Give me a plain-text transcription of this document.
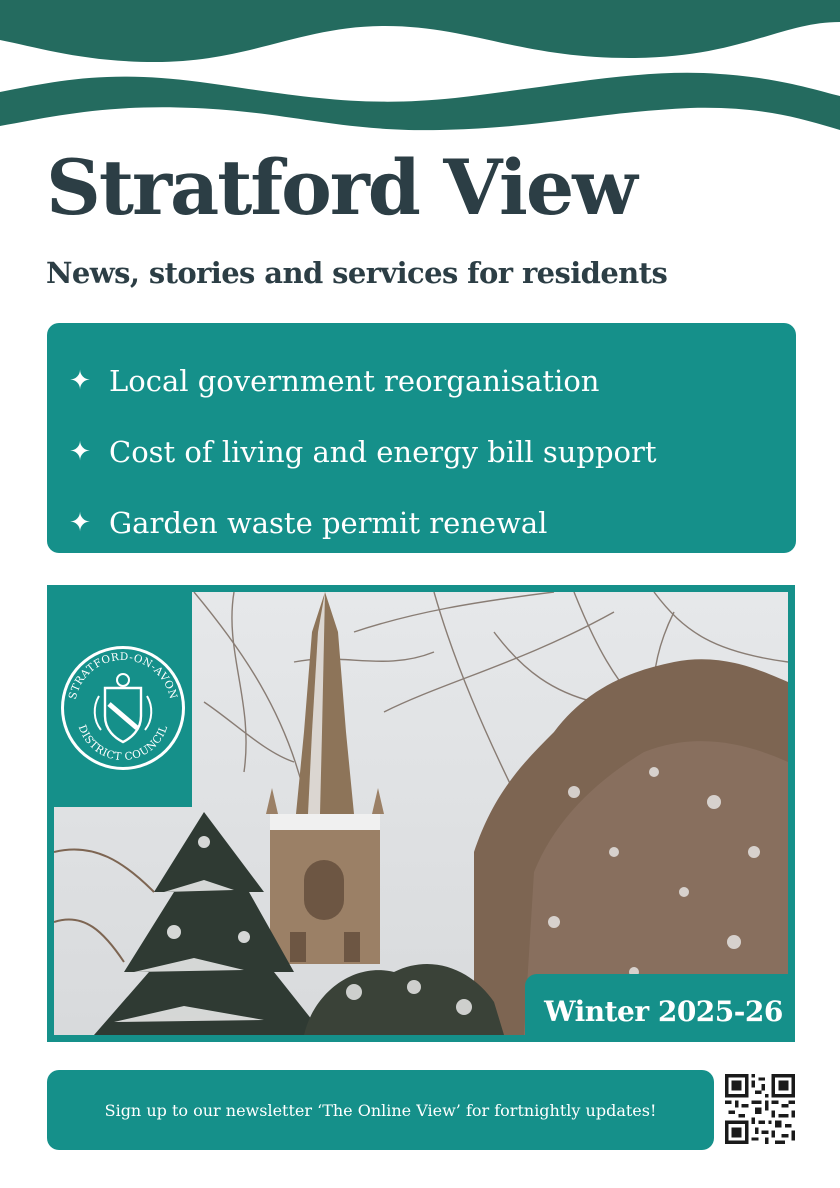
Stratford View
News, stories and services for residents
✦ Local government reorganisation
✦ Cost of living and energy bill support
✦ Garden waste permit renewal
STRATFORD-ON-AVON
DISTRICT COUNCIL
Winter 2025-26
Sign up to our newsletter ‘The Online View’ for fortnightly updates!
